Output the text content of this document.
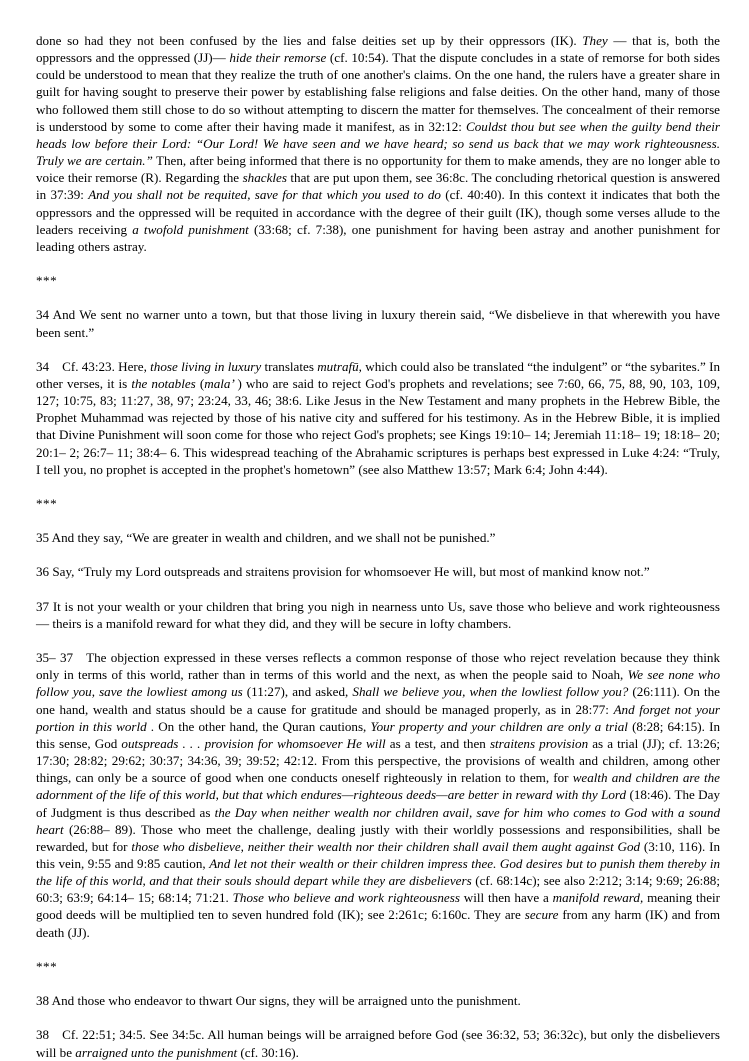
done so had they not been confused by the lies and false deities set up by their oppressors (IK). They — that is, both the oppressors and the oppressed (JJ)— hide their remorse (cf. 10:54). That the dispute concludes in a state of remorse for both sides could be understood to mean that they realize the truth of one another's claims. On the one hand, the rulers have a greater share in guilt for having sought to preserve their power by establishing false religions and false deities. On the other hand, many of those who followed them still chose to do so without attempting to discern the matter for themselves. The concealment of their remorse is understood by some to come after their having made it manifest, as in 32:12: Couldst thou but see when the guilty bend their heads low before their Lord: “Our Lord! We have seen and we have heard; so send us back that we may work righteousness. Truly we are certain.” Then, after being informed that there is no opportunity for them to make amends, they are no longer able to voice their remorse (R). Regarding the shackles that are put upon them, see 36:8c. The concluding rhetorical question is answered in 37:39: And you shall not be requited, save for that which you used to do (cf. 40:40). In this context it indicates that both the oppressors and the oppressed will be requited in accordance with the degree of their guilt (IK), though some verses allude to the leaders receiving a twofold punishment (33:68; cf. 7:38), one punishment for having been astray and another punishment for leading others astray.

***

34 And We sent no warner unto a town, but that those living in luxury therein said, “We disbelieve in that wherewith you have been sent.”

34 Cf. 43:23. Here, those living in luxury translates mutrafū, which could also be translated “the indulgent” or “the sybarites.” In other verses, it is the notables (mala’ ) who are said to reject God's prophets and revelations; see 7:60, 66, 75, 88, 90, 103, 109, 127; 10:75, 83; 11:27, 38, 97; 23:24, 33, 46; 38:6. Like Jesus in the New Testament and many prophets in the Hebrew Bible, the Prophet Muhammad was rejected by those of his native city and suffered for his testimony. As in the Hebrew Bible, it is implied that Divine Punishment will soon come for those who reject God's prophets; see Kings 19:10– 14; Jeremiah 11:18– 19; 18:18– 20; 20:1– 2; 26:7– 11; 38:4– 6. This widespread teaching of the Abrahamic scriptures is perhaps best expressed in Luke 4:24: “Truly, I tell you, no prophet is accepted in the prophet's hometown” (see also Matthew 13:57; Mark 6:4; John 4:44).

***

35 And they say, “We are greater in wealth and children, and we shall not be punished.”

36 Say, “Truly my Lord outspreads and straitens provision for whomsoever He will, but most of mankind know not.”

37 It is not your wealth or your children that bring you nigh in nearness unto Us, save those who believe and work righteousness— theirs is a manifold reward for what they did, and they will be secure in lofty chambers.

35– 37 The objection expressed in these verses reflects a common response of those who reject revelation because they think only in terms of this world, rather than in terms of this world and the next, as when the people said to Noah, We see none who follow you, save the lowliest among us (11:27), and asked, Shall we believe you, when the lowliest follow you? (26:111). On the one hand, wealth and status should be a cause for gratitude and should be managed properly, as in 28:77: And forget not your portion in this world . On the other hand, the Quran cautions, Your property and your children are only a trial (8:28; 64:15). In this sense, God outspreads . . . provision for whomsoever He will as a test, and then straitens provision as a trial (JJ); cf. 13:26; 17:30; 28:82; 29:62; 30:37; 34:36, 39; 39:52; 42:12. From this perspective, the provisions of wealth and children, among other things, can only be a source of good when one conducts oneself righteously in relation to them, for wealth and children are the adornment of the life of this world, but that which endures—righteous deeds—are better in reward with thy Lord (18:46). The Day of Judgment is thus described as the Day when neither wealth nor children avail, save for him who comes to God with a sound heart (26:88– 89). Those who meet the challenge, dealing justly with their worldly possessions and responsibilities, shall be rewarded, but for those who disbelieve, neither their wealth nor their children shall avail them aught against God (3:10, 116). In this vein, 9:55 and 9:85 caution, And let not their wealth or their children impress thee. God desires but to punish them thereby in the life of this world, and that their souls should depart while they are disbelievers (cf. 68:14c); see also 2:212; 3:14; 9:69; 26:88; 60:3; 63:9; 64:14– 15; 68:14; 71:21. Those who believe and work righteousness will then have a manifold reward, meaning their good deeds will be multiplied ten to seven hundred fold (IK); see 2:261c; 6:160c. They are secure from any harm (IK) and from death (JJ).

***

38 And those who endeavor to thwart Our signs, they will be arraigned unto the punishment.

38 Cf. 22:51; 34:5. See 34:5c. All human beings will be arraigned before God (see 36:32, 53; 36:32c), but only the disbelievers will be arraigned unto the punishment (cf. 30:16).
